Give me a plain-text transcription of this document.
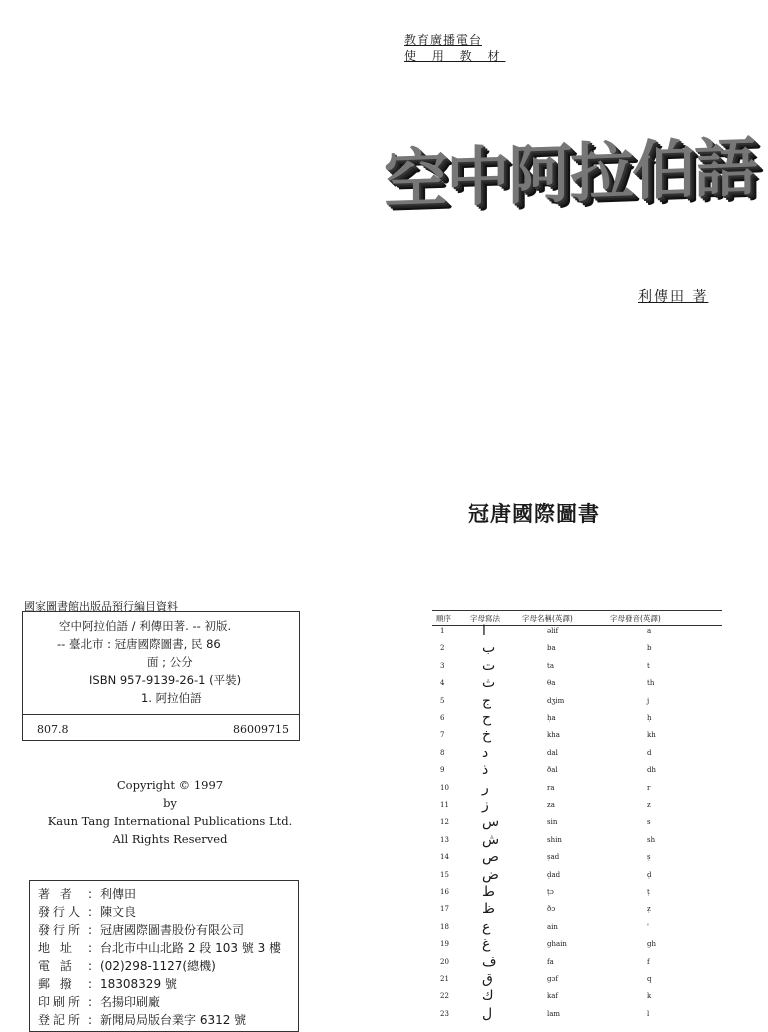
教育廣播電台
使 用 教 材
空中阿拉伯語
利傳田 著
冠唐國際圖書
國家圖書館出版品預行編目資料
空中阿拉伯語 / 利傳田著. -- 初版.
-- 臺北市 : 冠唐國際圖書, 民 86
面 ; 公分
ISBN 957-9139-26-1 (平裝)
1. 阿拉伯語
807.8	86009715
Copyright © 1997
by
Kaun Tang International Publications Ltd.
All Rights Reserved
著 者 : 利傳田
發行人 : 陳文良
發行所 : 冠唐國際圖書股份有限公司
地 址 : 台北市中山北路 2 段 103 號 3 樓
電 話 : (02)298-1127(總機)
郵 撥 : 18308329 號
印刷所 : 名揚印刷廠
登記所 : 新聞局局版台業字 6312 號
順序	字母寫法	字母名稱(英譯)	字母發音(英譯)
1	ا	əlif	a
2	ب	ba	b
3	ت	ta	t
4	ث	θa	th
5	ج	dʒim	j
6	ح	ḥa	ḥ
7	خ	kha	kh
8	د	dal	d
9	ذ	ðal	dh
10 ر	ra	r
11 ز	za	z
12 س	sin	s
13 ش	shin	sh
14 ص	ṣad	ṣ
15 ض	ḍad	ḍ
16 ط	ṭɔ	ṭ
17 ظ	ðɔ	ẓ
18 ع	ain	'
19 غ	ghain	gh
20 ف	fa	f
21 ق	gɔf	q
22 ك	kaf	k
23 ل	lam	l
